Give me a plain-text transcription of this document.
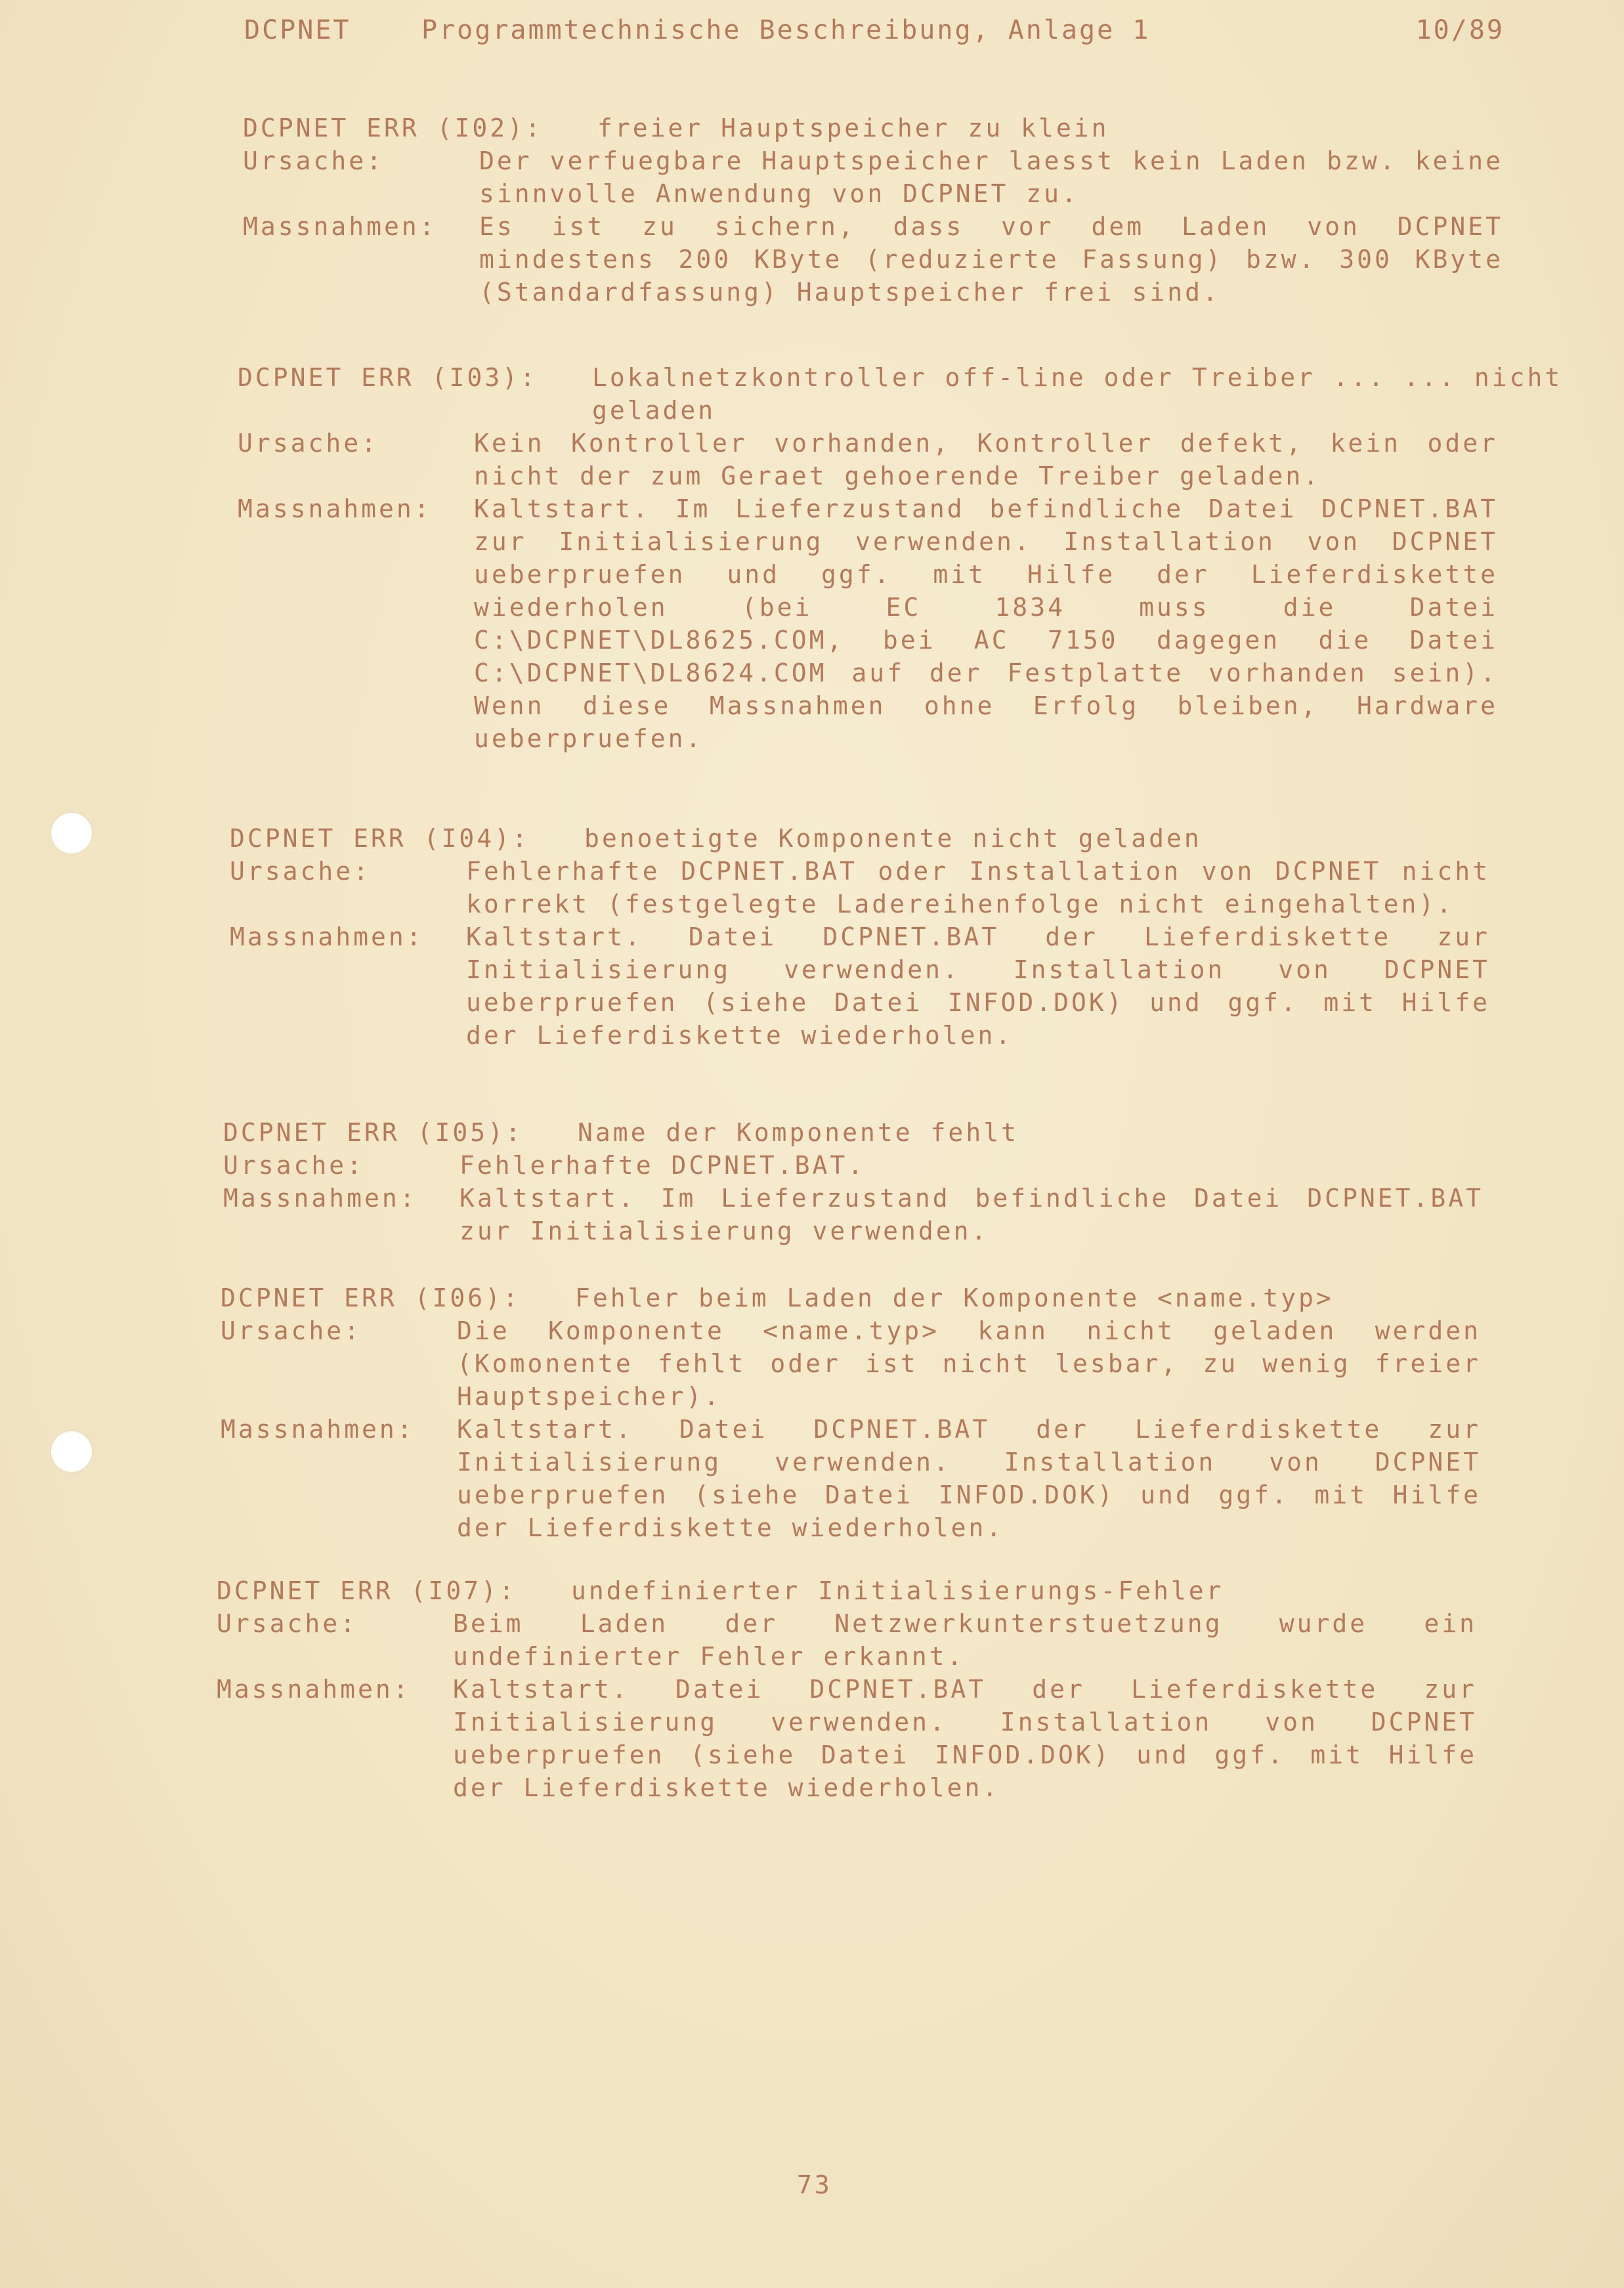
DCPNET

	Programmtechnische Beschreibung, Anlage 1

	10/89

DCPNET ERR (I02): freier Hauptspeicher zu klein
Ursache:	Der verfuegbare Hauptspeicher laesst kein Laden bzw. keine sinnvolle Anwendung von DCPNET zu.
Massnahmen: Es ist zu sichern, dass vor dem Laden von DCPNET mindestens 200 KByte (reduzierte Fassung) bzw. 300 KByte (Standardfassung) Hauptspeicher frei sind.
DCPNET ERR (I03): Lokalnetzkontroller off-line oder Treiber ... ... nicht geladen
Ursache:	Kein Kontroller vorhanden, Kontroller defekt, kein oder nicht der zum Geraet gehoerende Treiber geladen.
Massnahmen: Kaltstart. Im Lieferzustand befindliche Datei DCPNET.BAT zur Initialisierung verwenden. Installation von DCPNET ueberpruefen und ggf. mit Hilfe der Lieferdiskette wiederholen (bei EC 1834 muss die Datei C:\DCPNET\DL8625.COM, bei AC 7150 dagegen die Datei C:\DCPNET\DL8624.COM auf der Festplatte vorhanden sein). Wenn diese Massnahmen ohne Erfolg bleiben, Hardware ueberpruefen.
DCPNET ERR (I04): benoetigte Komponente nicht geladen
Ursache:	Fehlerhafte DCPNET.BAT oder Installation von DCPNET nicht korrekt (festgelegte Ladereihenfolge nicht eingehalten).
Massnahmen: Kaltstart. Datei DCPNET.BAT der Lieferdiskette zur Initialisierung verwenden. Installation von DCPNET ueberpruefen (siehe Datei INFOD.DOK) und ggf. mit Hilfe der Lieferdiskette wiederholen.
DCPNET ERR (I05): Name der Komponente fehlt
Ursache:	Fehlerhafte DCPNET.BAT.
Massnahmen: Kaltstart. Im Lieferzustand befindliche Datei DCPNET.BAT zur Initialisierung verwenden.
DCPNET ERR (I06): Fehler beim Laden der Komponente <name.typ>
Ursache:	Die Komponente <name.typ> kann nicht geladen werden (Komonente fehlt oder ist nicht lesbar, zu wenig freier Hauptspeicher).
Massnahmen: Kaltstart. Datei DCPNET.BAT der Lieferdiskette zur Initialisierung verwenden. Installation von DCPNET ueberpruefen (siehe Datei INFOD.DOK) und ggf. mit Hilfe der Lieferdiskette wiederholen.
DCPNET ERR (I07): undefinierter Initialisierungs-Fehler
Ursache:	Beim Laden der Netzwerkunterstuetzung wurde ein undefinierter Fehler erkannt.
Massnahmen: Kaltstart. Datei DCPNET.BAT der Lieferdiskette zur Initialisierung verwenden. Installation von DCPNET ueberpruefen (siehe Datei INFOD.DOK) und ggf. mit Hilfe der Lieferdiskette wiederholen.
73
